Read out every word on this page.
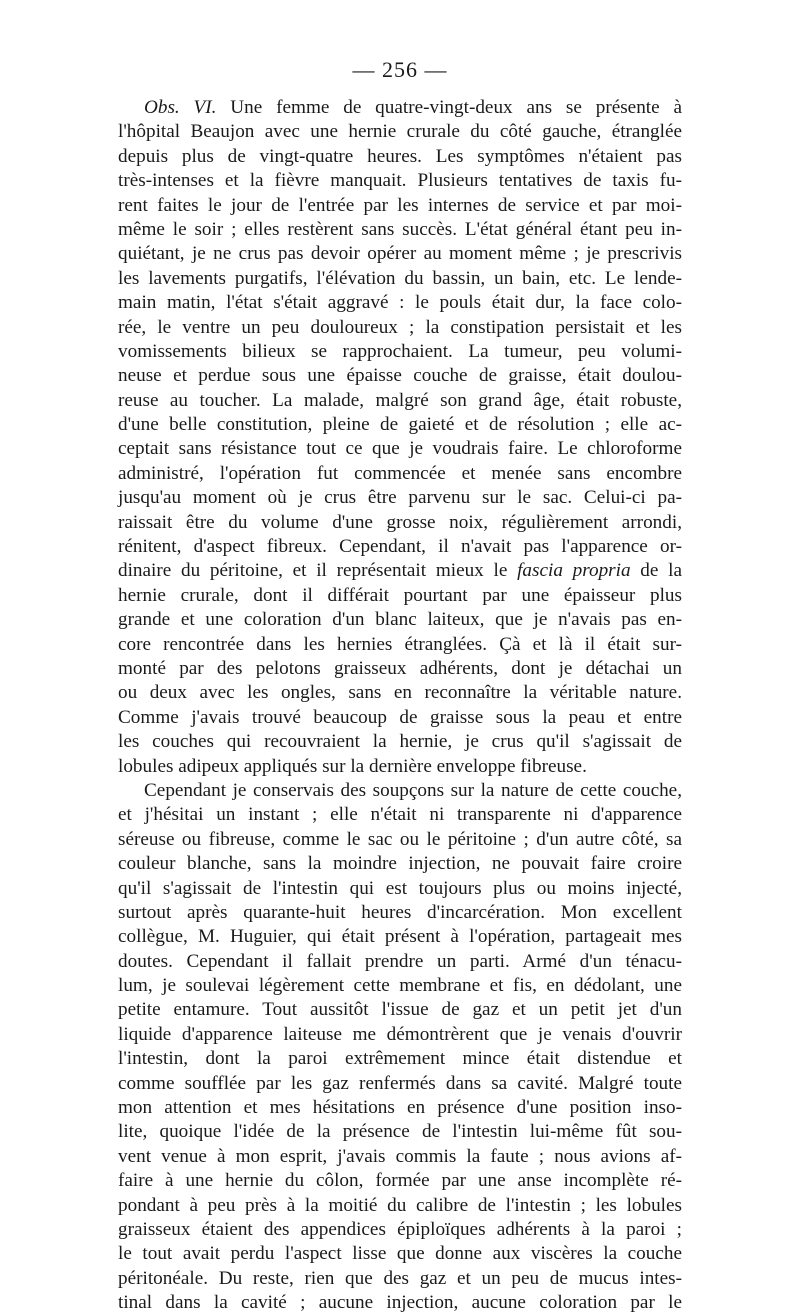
— 256 —
Obs. VI. Une femme de quatre-vingt-deux ans se présente à
l'hôpital Beaujon avec une hernie crurale du côté gauche, étranglée
depuis plus de vingt-quatre heures. Les symptômes n'étaient pas
très-intenses et la fièvre manquait. Plusieurs tentatives de taxis fu-
rent faites le jour de l'entrée par les internes de service et par moi-
même le soir ; elles restèrent sans succès. L'état général étant peu in-
quiétant, je ne crus pas devoir opérer au moment même ; je prescrivis
les lavements purgatifs, l'élévation du bassin, un bain, etc. Le lende-
main matin, l'état s'était aggravé : le pouls était dur, la face colo-
rée, le ventre un peu douloureux ; la constipation persistait et les
vomissements bilieux se rapprochaient. La tumeur, peu volumi-
neuse et perdue sous une épaisse couche de graisse, était doulou-
reuse au toucher. La malade, malgré son grand âge, était robuste,
d'une belle constitution, pleine de gaieté et de résolution ; elle ac-
ceptait sans résistance tout ce que je voudrais faire. Le chloroforme
administré, l'opération fut commencée et menée sans encombre
jusqu'au moment où je crus être parvenu sur le sac. Celui-ci pa-
raissait être du volume d'une grosse noix, régulièrement arrondi,
rénitent, d'aspect fibreux. Cependant, il n'avait pas l'apparence or-
dinaire du péritoine, et il représentait mieux le fascia propria de la
hernie crurale, dont il différait pourtant par une épaisseur plus
grande et une coloration d'un blanc laiteux, que je n'avais pas en-
core rencontrée dans les hernies étranglées. Çà et là il était sur-
monté par des pelotons graisseux adhérents, dont je détachai un
ou deux avec les ongles, sans en reconnaître la véritable nature.
Comme j'avais trouvé beaucoup de graisse sous la peau et entre
les couches qui recouvraient la hernie, je crus qu'il s'agissait de
lobules adipeux appliqués sur la dernière enveloppe fibreuse.
Cependant je conservais des soupçons sur la nature de cette couche,
et j'hésitai un instant ; elle n'était ni transparente ni d'apparence
séreuse ou fibreuse, comme le sac ou le péritoine ; d'un autre côté, sa
couleur blanche, sans la moindre injection, ne pouvait faire croire
qu'il s'agissait de l'intestin qui est toujours plus ou moins injecté,
surtout après quarante-huit heures d'incarcération. Mon excellent
collègue, M. Huguier, qui était présent à l'opération, partageait mes
doutes. Cependant il fallait prendre un parti. Armé d'un ténacu-
lum, je soulevai légèrement cette membrane et fis, en dédolant, une
petite entamure. Tout aussitôt l'issue de gaz et un petit jet d'un
liquide d'apparence laiteuse me démontrèrent que je venais d'ouvrir
l'intestin, dont la paroi extrêmement mince était distendue et
comme soufflée par les gaz renfermés dans sa cavité. Malgré toute
mon attention et mes hésitations en présence d'une position inso-
lite, quoique l'idée de la présence de l'intestin lui-même fût sou-
vent venue à mon esprit, j'avais commis la faute ; nous avions af-
faire à une hernie du côlon, formée par une anse incomplète ré-
pondant à peu près à la moitié du calibre de l'intestin ; les lobules
graisseux étaient des appendices épiploïques adhérents à la paroi ;
le tout avait perdu l'aspect lisse que donne aux viscères la couche
péritonéale. Du reste, rien que des gaz et un peu de mucus intes-
tinal dans la cavité ; aucune injection, aucune coloration par le
